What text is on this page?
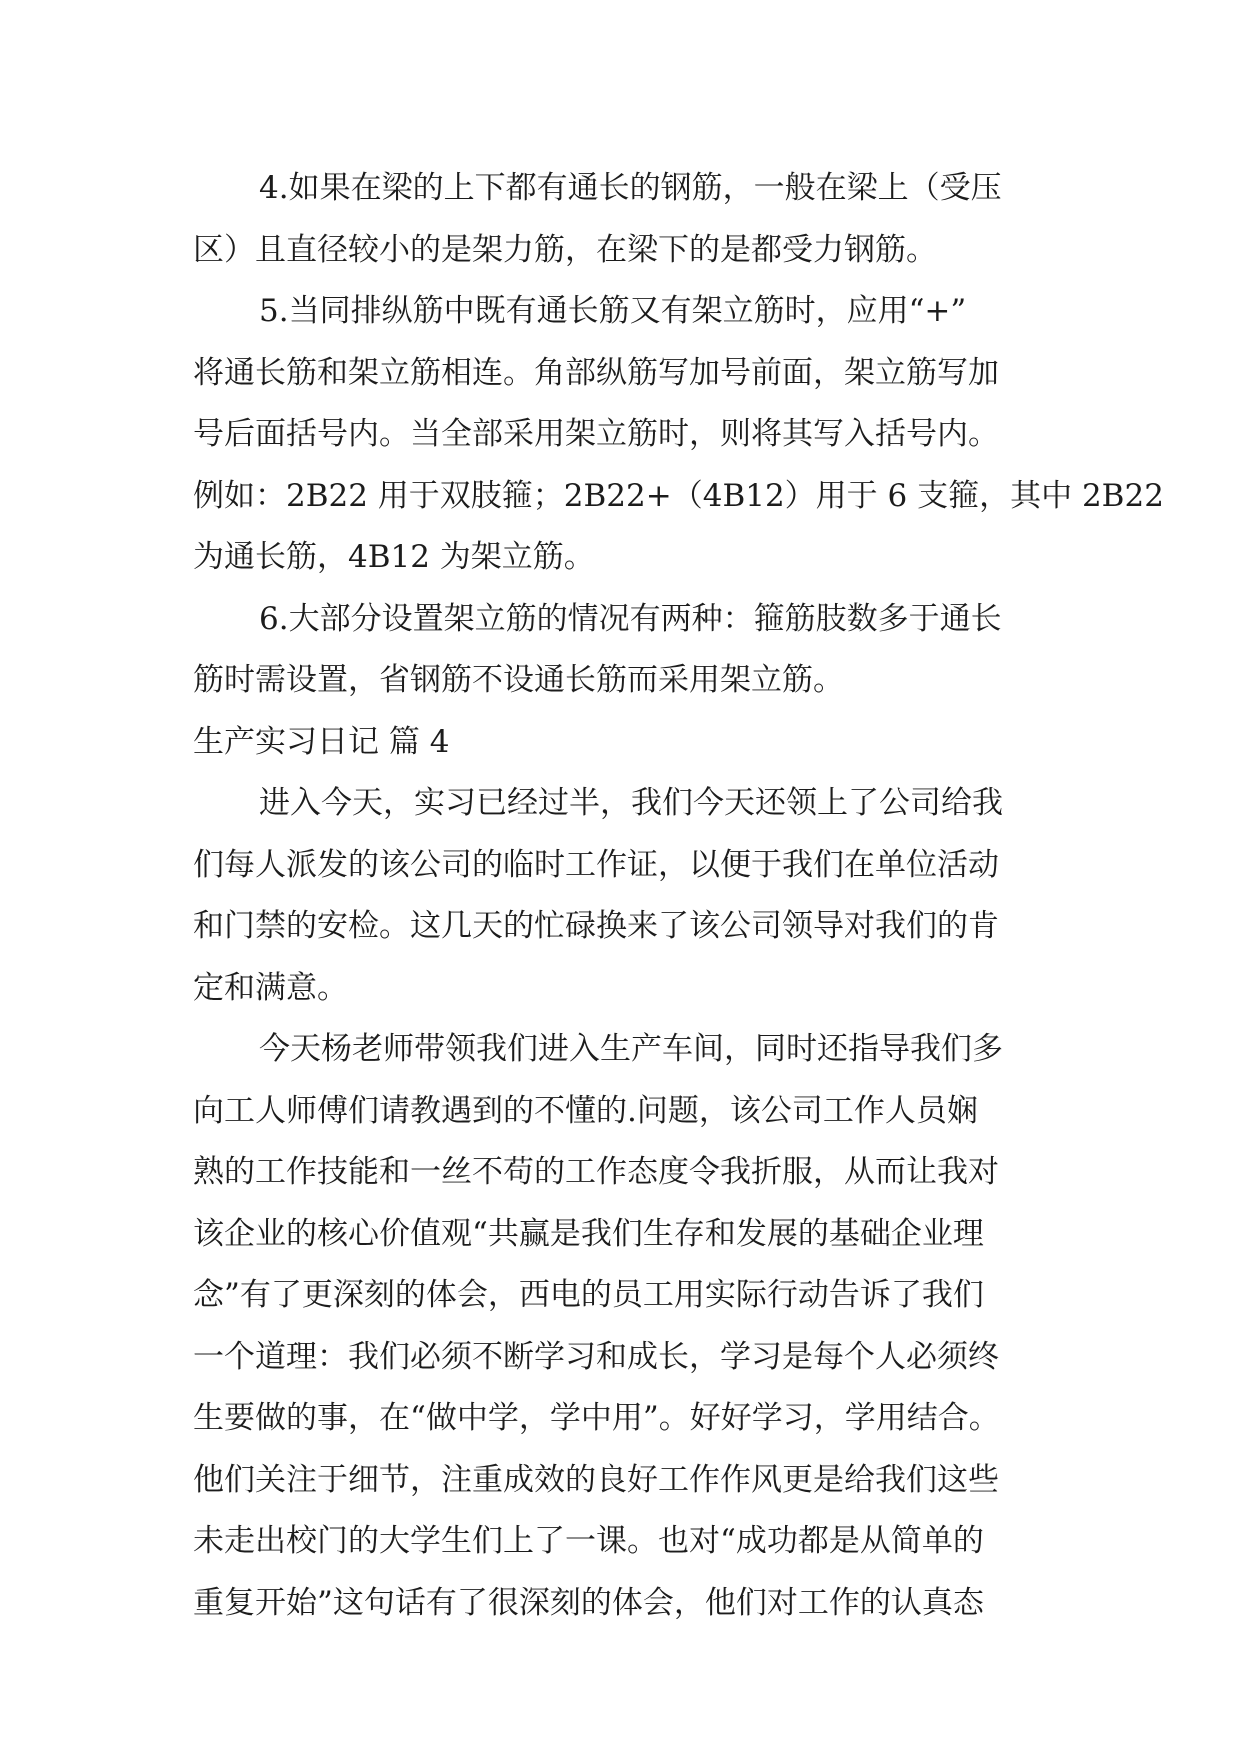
4.如果在梁的上下都有通长的钢筋，一般在梁上（受压
区）且直径较小的是架力筋，在梁下的是都受力钢筋。
5.当同排纵筋中既有通长筋又有架立筋时，应用“+”
将通长筋和架立筋相连。角部纵筋写加号前面，架立筋写加
号后面括号内。当全部采用架立筋时，则将其写入括号内。
例如：2B22 用于双肢箍；2B22+（4B12）用于 6 支箍，其中 2B22
为通长筋，4B12 为架立筋。
6.大部分设置架立筋的情况有两种：箍筋肢数多于通长
筋时需设置，省钢筋不设通长筋而采用架立筋。
生产实习日记 篇 4
进入今天，实习已经过半，我们今天还领上了公司给我
们每人派发的该公司的临时工作证，以便于我们在单位活动
和门禁的安检。这几天的忙碌换来了该公司领导对我们的肯
定和满意。
今天杨老师带领我们进入生产车间，同时还指导我们多
向工人师傅们请教遇到的不懂的.问题，该公司工作人员娴
熟的工作技能和一丝不苟的工作态度令我折服，从而让我对
该企业的核心价值观“共赢是我们生存和发展的基础企业理
念”有了更深刻的体会，西电的员工用实际行动告诉了我们
一个道理：我们必须不断学习和成长，学习是每个人必须终
生要做的事，在“做中学，学中用”。好好学习，学用结合。
他们关注于细节，注重成效的良好工作作风更是给我们这些
未走出校门的大学生们上了一课。也对“成功都是从简单的
重复开始”这句话有了很深刻的体会，他们对工作的认真态
